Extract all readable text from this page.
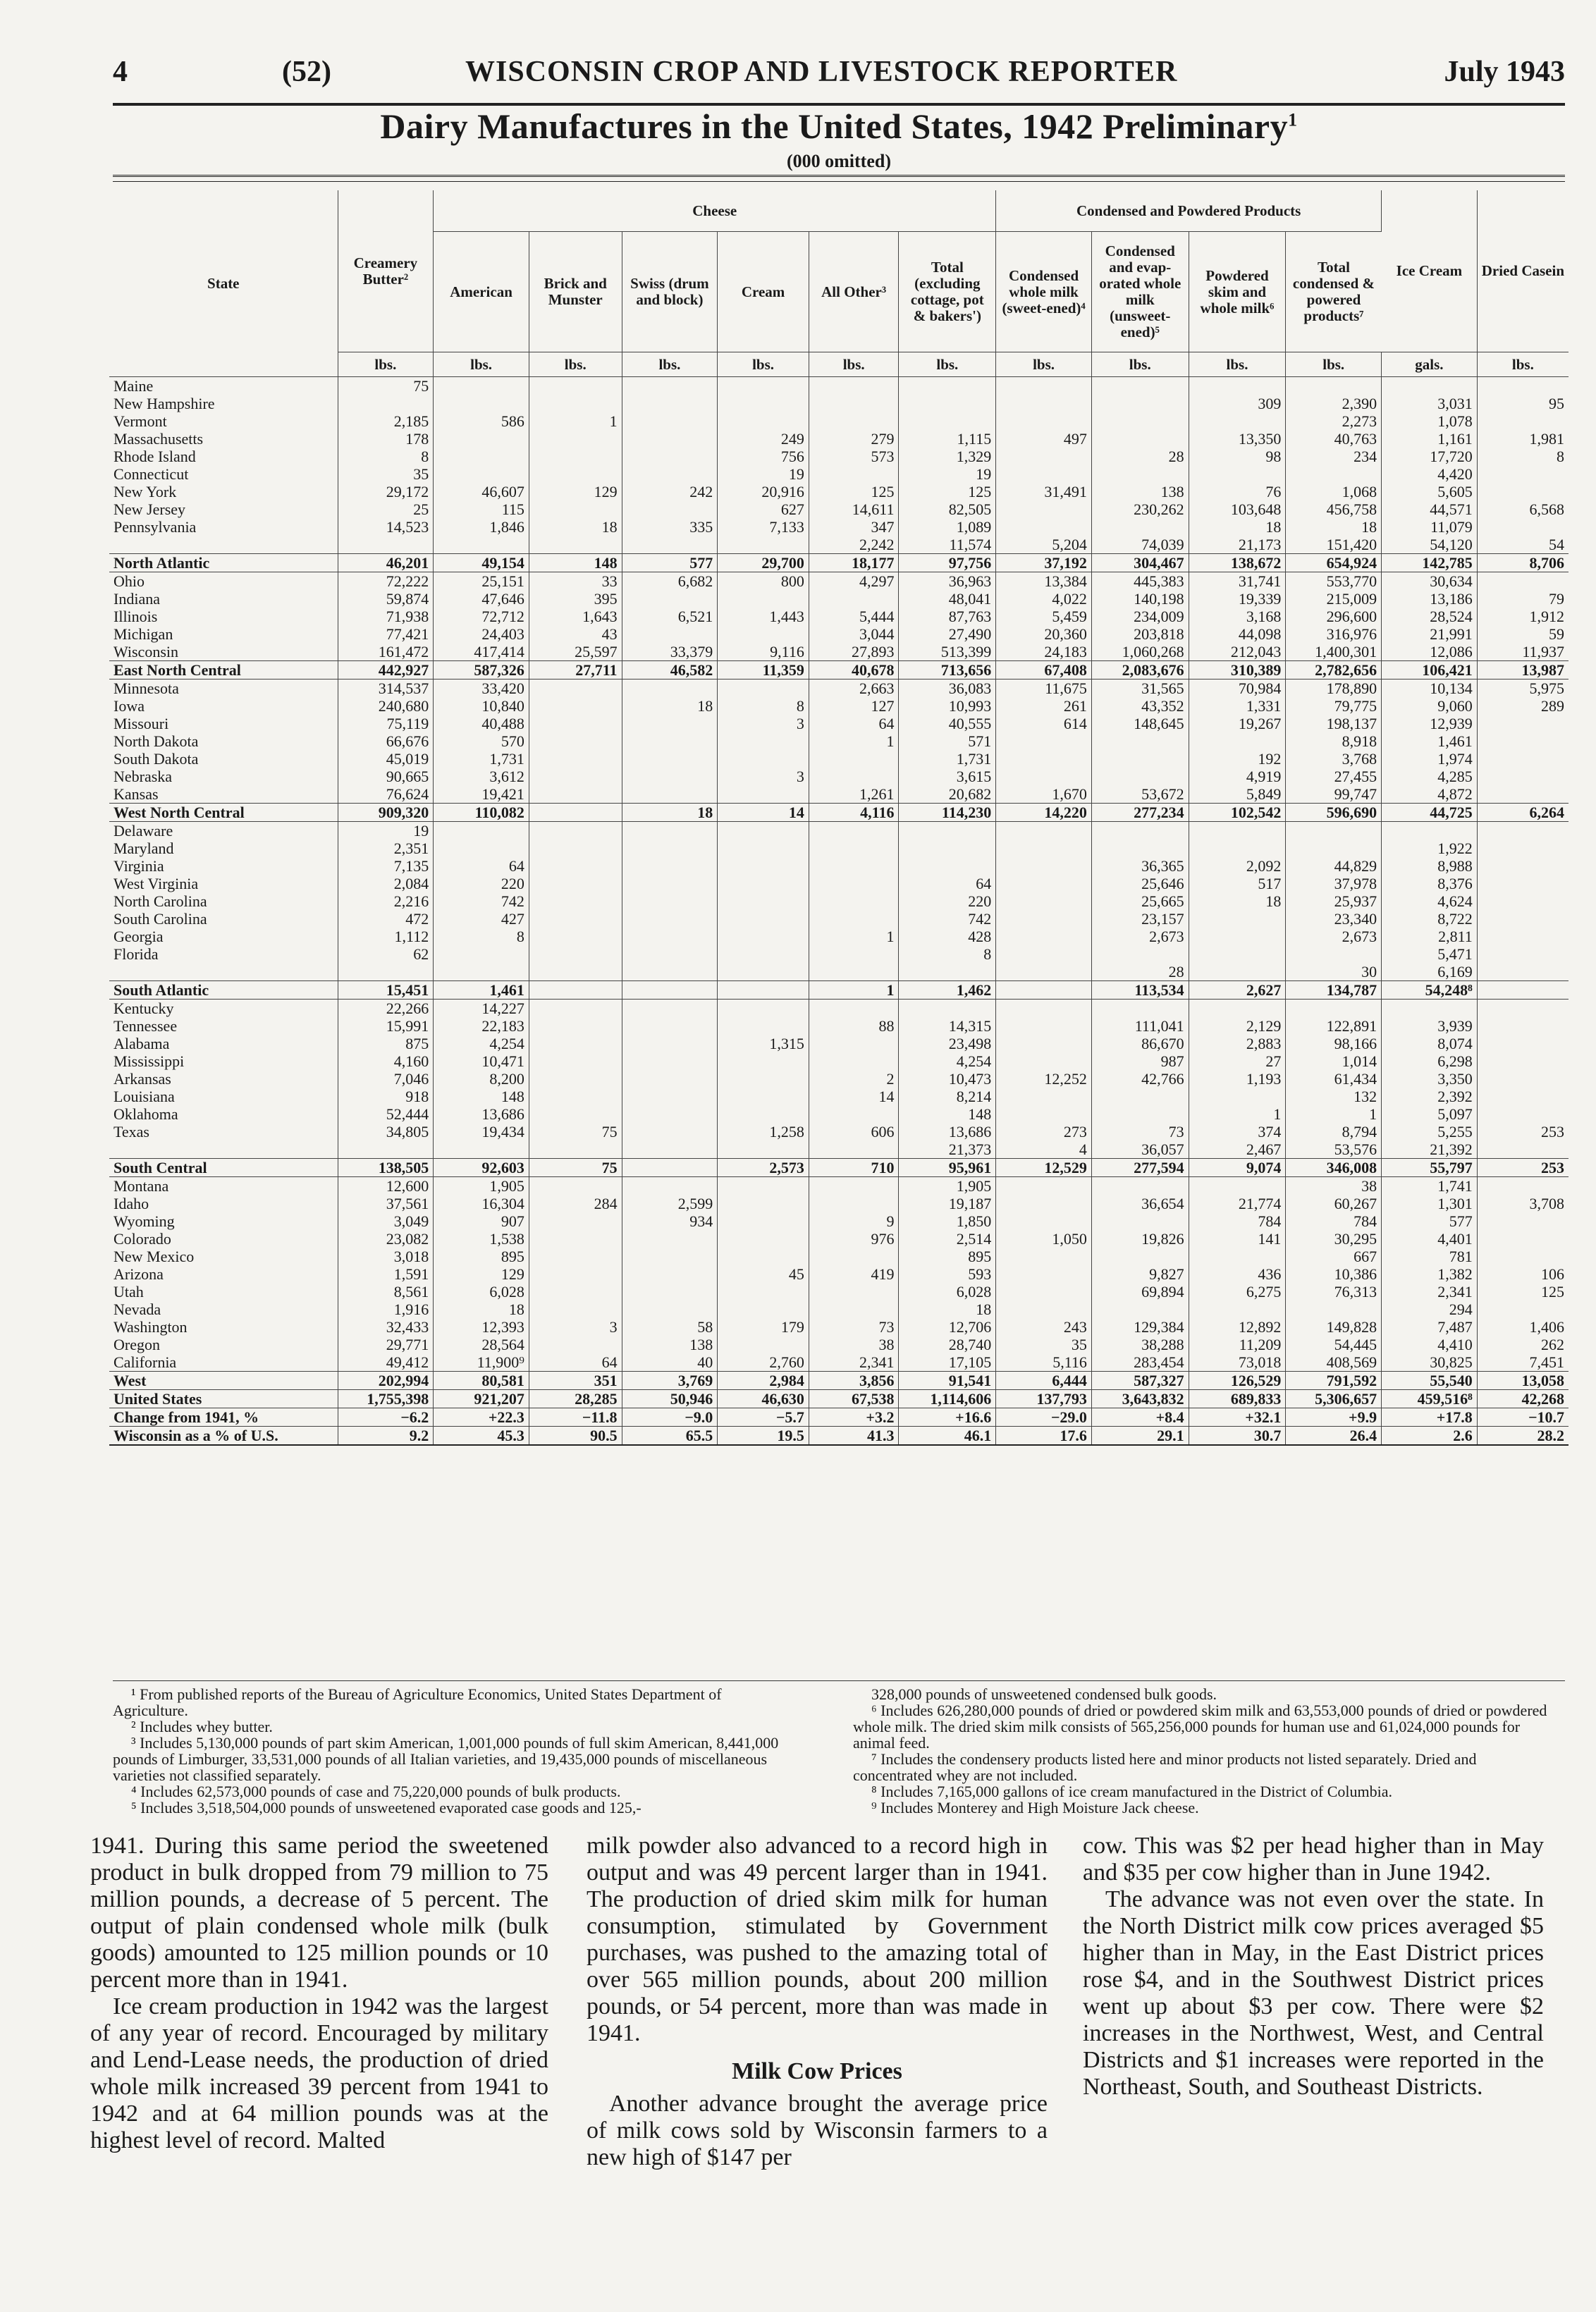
4	(52)	WISCONSIN CROP AND LIVESTOCK REPORTER	July 1943
Dairy Manufactures in the United States, 1942 Preliminary$^1$
(000 omitted)
State	Creamery Butter²	Cheese						Condensed and Powdered Products				Ice Cream	Dried Casein
		American	Brick and Munster	Swiss (drum and block)	Cream	All Other³	Total (excluding cottage, pot & bakers')	Condensed whole milk (sweet-ened)⁴	Condensed and evap-orated whole milk (unsweet-ened)⁵	Powdered skim and whole milk⁶	Total condensed & powered products⁷		
	lbs.	lbs.	lbs.	lbs.	lbs.	lbs.	lbs.	lbs.	lbs.	lbs.	lbs.	gals.	lbs.
Maine	75												
New Hampshire										309	2,390	3,031	95
Vermont	2,185	586	1								2,273	1,078	
Massachusetts	178				249	279	1,115	497		13,350	40,763	1,161	1,981
Rhode Island	8				756	573	1,329		28	98	234	17,720	8
Connecticut	35				19		19					4,420	
New York	29,172	46,607	129	242	20,916	125	125	31,491	138	76	1,068	5,605	
New Jersey	25	115			627	14,611	82,505		230,262	103,648	456,758	44,571	6,568
Pennsylvania	14,523	1,846	18	335	7,133	347	1,089			18	18	11,079	
						2,242	11,574	5,204	74,039	21,173	151,420	54,120	54
North Atlantic	46,201	49,154	148	577	29,700	18,177	97,756	37,192	304,467	138,672	654,924	142,785	8,706
Ohio	72,222	25,151	33	6,682	800	4,297	36,963	13,384	445,383	31,741	553,770	30,634	
Indiana	59,874	47,646	395				48,041	4,022	140,198	19,339	215,009	13,186	79
Illinois	71,938	72,712	1,643	6,521	1,443	5,444	87,763	5,459	234,009	3,168	296,600	28,524	1,912
Michigan	77,421	24,403	43			3,044	27,490	20,360	203,818	44,098	316,976	21,991	59
Wisconsin	161,472	417,414	25,597	33,379	9,116	27,893	513,399	24,183	1,060,268	212,043	1,400,301	12,086	11,937
East North Central	442,927	587,326	27,711	46,582	11,359	40,678	713,656	67,408	2,083,676	310,389	2,782,656	106,421	13,987
Minnesota	314,537	33,420				2,663	36,083	11,675	31,565	70,984	178,890	10,134	5,975
Iowa	240,680	10,840		18	8	127	10,993	261	43,352	1,331	79,775	9,060	289
Missouri	75,119	40,488			3	64	40,555	614	148,645	19,267	198,137	12,939	
North Dakota	66,676	570				1	571				8,918	1,461	
South Dakota	45,019	1,731					1,731			192	3,768	1,974	
Nebraska	90,665	3,612			3		3,615			4,919	27,455	4,285	
Kansas	76,624	19,421				1,261	20,682	1,670	53,672	5,849	99,747	4,872	
West North Central	909,320	110,082		18	14	4,116	114,230	14,220	277,234	102,542	596,690	44,725	6,264
Delaware	19												
Maryland	2,351											1,922	
Virginia	7,135	64							36,365	2,092	44,829	8,988	
West Virginia	2,084	220					64		25,646	517	37,978	8,376	
North Carolina	2,216	742					220		25,665	18	25,937	4,624	
South Carolina	472	427					742		23,157		23,340	8,722	
Georgia	1,112	8				1	428		2,673		2,673	2,811	
Florida	62						8					5,471	
									28		30	6,169	
South Atlantic	15,451	1,461				1	1,462		113,534	2,627	134,787	54,248⁸	
Kentucky	22,266	14,227											
Tennessee	15,991	22,183				88	14,315		111,041	2,129	122,891	3,939	
Alabama	875	4,254			1,315		23,498		86,670	2,883	98,166	8,074	
Mississippi	4,160	10,471					4,254		987	27	1,014	6,298	
Arkansas	7,046	8,200				2	10,473	12,252	42,766	1,193	61,434	3,350	
Louisiana	918	148				14	8,214				132	2,392	
Oklahoma	52,444	13,686					148			1	1	5,097	
Texas	34,805	19,434	75		1,258	606	13,686	273	73	374	8,794	5,255	253
							21,373	4	36,057	2,467	53,576	21,392	
South Central	138,505	92,603	75		2,573	710	95,961	12,529	277,594	9,074	346,008	55,797	253
Montana	12,600	1,905					1,905				38	1,741	
Idaho	37,561	16,304	284	2,599			19,187		36,654	21,774	60,267	1,301	3,708
Wyoming	3,049	907		934		9	1,850			784	784	577	
Colorado	23,082	1,538				976	2,514	1,050	19,826	141	30,295	4,401	
New Mexico	3,018	895					895				667	781	
Arizona	1,591	129			45	419	593		9,827	436	10,386	1,382	106
Utah	8,561	6,028					6,028		69,894	6,275	76,313	2,341	125
Nevada	1,916	18					18					294	
Washington	32,433	12,393	3	58	179	73	12,706	243	129,384	12,892	149,828	7,487	1,406
Oregon	29,771	28,564		138		38	28,740	35	38,288	11,209	54,445	4,410	262
California	49,412	11,900⁹	64	40	2,760	2,341	17,105	5,116	283,454	73,018	408,569	30,825	7,451
West	202,994	80,581	351	3,769	2,984	3,856	91,541	6,444	587,327	126,529	791,592	55,540	13,058
United States	1,755,398	921,207	28,285	50,946	46,630	67,538	1,114,606	137,793	3,643,832	689,833	5,306,657	459,516⁸	42,268
Change from 1941, %	−6.2	+22.3	−11.8	−9.0	−5.7	+3.2	+16.6	−29.0	+8.4	+32.1	+9.9	+17.8	−10.7
Wisconsin as a % of U.S.	9.2	45.3	90.5	65.5	19.5	41.3	46.1	17.6	29.1	30.7	26.4	2.6	28.2

¹ From published reports of the Bureau of Agriculture Economics, United States Department of Agriculture.

² Includes whey butter.

³ Includes 5,130,000 pounds of part skim American, 1,001,000 pounds of full skim American, 8,441,000 pounds of Limburger, 33,531,000 pounds of all Italian varieties, and 19,435,000 pounds of miscellaneous varieties not classified separately.

⁴ Includes 62,573,000 pounds of case and 75,220,000 pounds of bulk products.

⁵ Includes 3,518,504,000 pounds of unsweetened evaporated case goods and 125,-

328,000 pounds of unsweetened condensed bulk goods.

⁶ Includes 626,280,000 pounds of dried or powdered skim milk and 63,553,000 pounds of dried or powdered whole milk. The dried skim milk consists of 565,256,000 pounds for human use and 61,024,000 pounds for animal feed.

⁷ Includes the condensery products listed here and minor products not listed separately. Dried and concentrated whey are not included.

⁸ Includes 7,165,000 gallons of ice cream manufactured in the District of Columbia.

⁹ Includes Monterey and High Moisture Jack cheese.

1941. During this same period the sweetened product in bulk dropped from 79 million to 75 million pounds, a decrease of 5 percent. The output of plain condensed whole milk (bulk goods) amounted to 125 million pounds or 10 percent more than in 1941.

Ice cream production in 1942 was the largest of any year of record. Encouraged by military and Lend-Lease needs, the production of dried whole milk increased 39 percent from 1941 to 1942 and at 64 million pounds was at the highest level of record. Malted

milk powder also advanced to a record high in output and was 49 percent larger than in 1941. The production of dried skim milk for human consumption, stimulated by Government purchases, was pushed to the amazing total of over 565 million pounds, about 200 million pounds, or 54 percent, more than was made in 1941.

Milk Cow Prices

Another advance brought the average price of milk cows sold by Wisconsin farmers to a new high of $147 per

cow. This was $2 per head higher than in May and $35 per cow higher than in June 1942.

The advance was not even over the state. In the North District milk cow prices averaged $5 higher than in May, in the East District prices rose $4, and in the Southwest District prices went up about $3 per cow. There were $2 increases in the Northwest, West, and Central Districts and $1 increases were reported in the Northeast, South, and Southeast Districts.
